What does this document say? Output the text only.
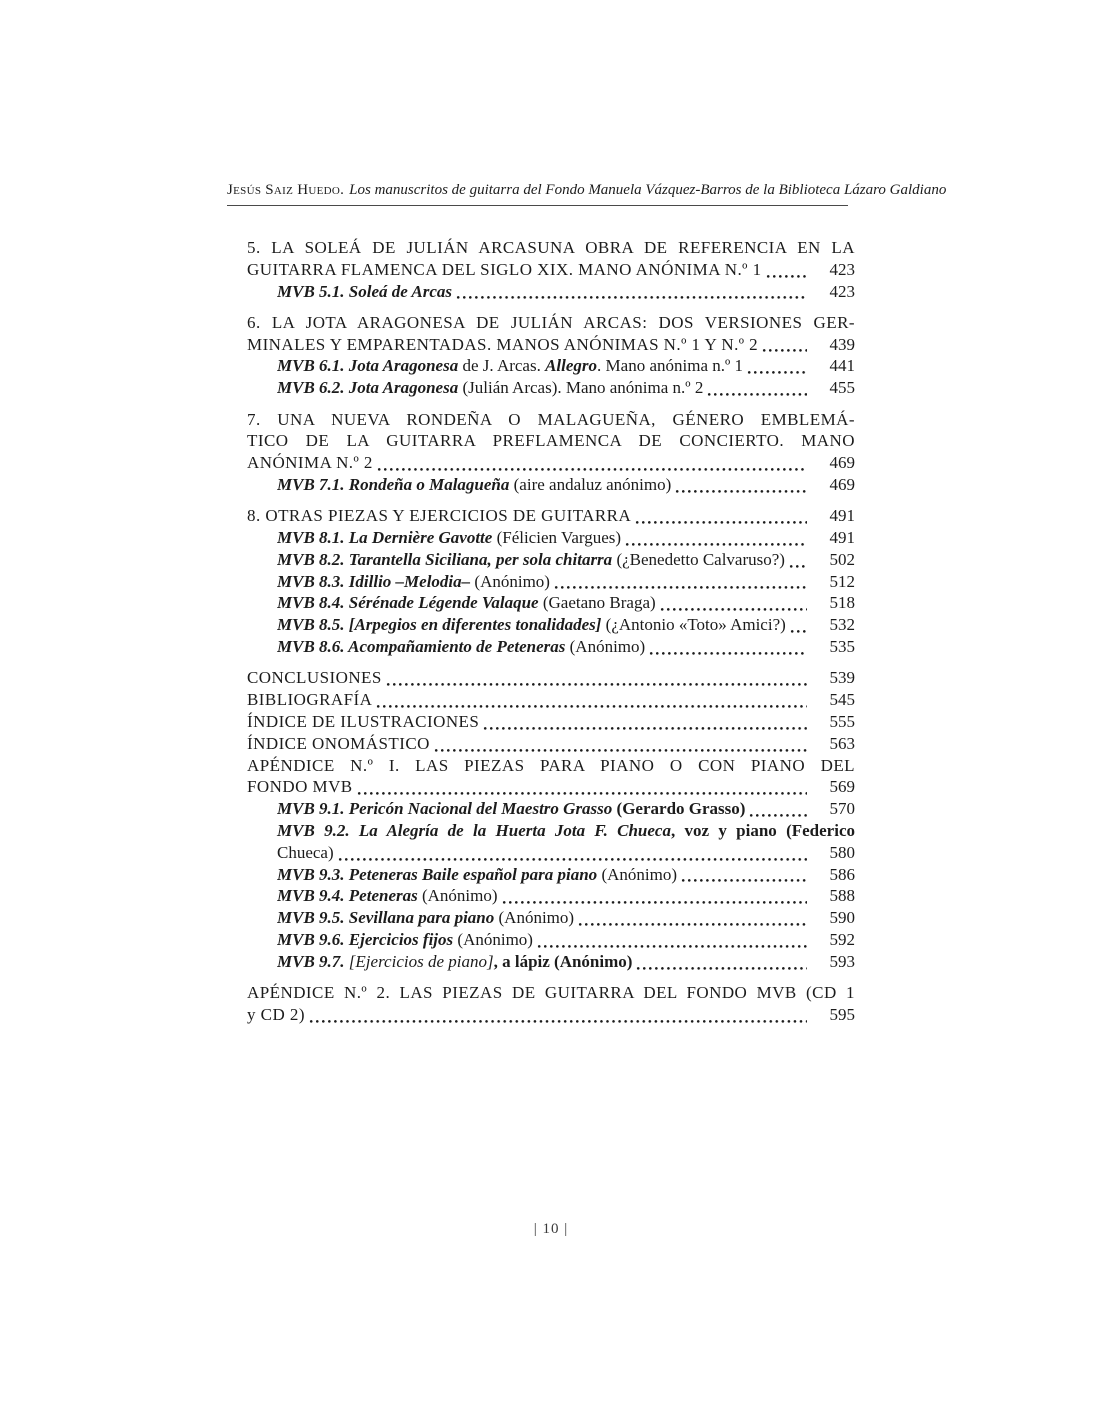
Jesús Saiz Huedo. Los manuscritos de guitarra del Fondo Manuela Vázquez-Barros de la Biblioteca Lázaro Galdiano
5. LA SOLEÁ DE JULIÁN ARCASUNA OBRA DE REFERENCIA EN LA
GUITARRA FLAMENCA DEL SIGLO XIX. MANO ANÓNIMA N.º 1	423
MVB 5.1. Soleá de Arcas	423
6. LA JOTA ARAGONESA DE JULIÁN ARCAS: DOS VERSIONES GER-
MINALES Y EMPARENTADAS. MANOS ANÓNIMAS N.º 1 Y N.º 2	439
MVB 6.1. Jota Aragonesa de J. Arcas. Allegro. Mano anónima n.º 1	441
MVB 6.2. Jota Aragonesa (Julián Arcas). Mano anónima n.º 2	455
7. UNA NUEVA RONDEÑA O MALAGUEÑA, GÉNERO EMBLEMÁ-
TICO DE LA GUITARRA PREFLAMENCA DE CONCIERTO. MANO
ANÓNIMA N.º 2	469
MVB 7.1. Rondeña o Malagueña (aire andaluz anónimo)	469
8. OTRAS PIEZAS Y EJERCICIOS DE GUITARRA	491
MVB 8.1. La Dernière Gavotte (Félicien Vargues)	491
MVB 8.2. Tarantella Siciliana, per sola chitarra (¿Benedetto Calvaruso?)	502
MVB 8.3. Idillio –Melodia– (Anónimo)	512
MVB 8.4. Sérénade Légende Valaque (Gaetano Braga)	518
MVB 8.5. [Arpegios en diferentes tonalidades] (¿Antonio «Toto» Amici?)	532
MVB 8.6. Acompañamiento de Peteneras (Anónimo)	535
CONCLUSIONES	539
BIBLIOGRAFÍA	545
ÍNDICE DE ILUSTRACIONES	555
ÍNDICE ONOMÁSTICO	563
APÉNDICE N.º I. LAS PIEZAS PARA PIANO O CON PIANO DEL
FONDO MVB	569
MVB 9.1. Pericón Nacional del Maestro Grasso (Gerardo Grasso)	570
MVB 9.2. La Alegría de la Huerta Jota F. Chueca, voz y piano (Federico
Chueca)	580
MVB 9.3. Peteneras Baile español para piano (Anónimo)	586
MVB 9.4. Peteneras (Anónimo)	588
MVB 9.5. Sevillana para piano (Anónimo)	590
MVB 9.6. Ejercicios fijos (Anónimo)	592
MVB 9.7. [Ejercicios de piano], a lápiz (Anónimo)	593
APÉNDICE N.º 2. LAS PIEZAS DE GUITARRA DEL FONDO MVB (CD 1
y CD 2)	595
| 10 |
